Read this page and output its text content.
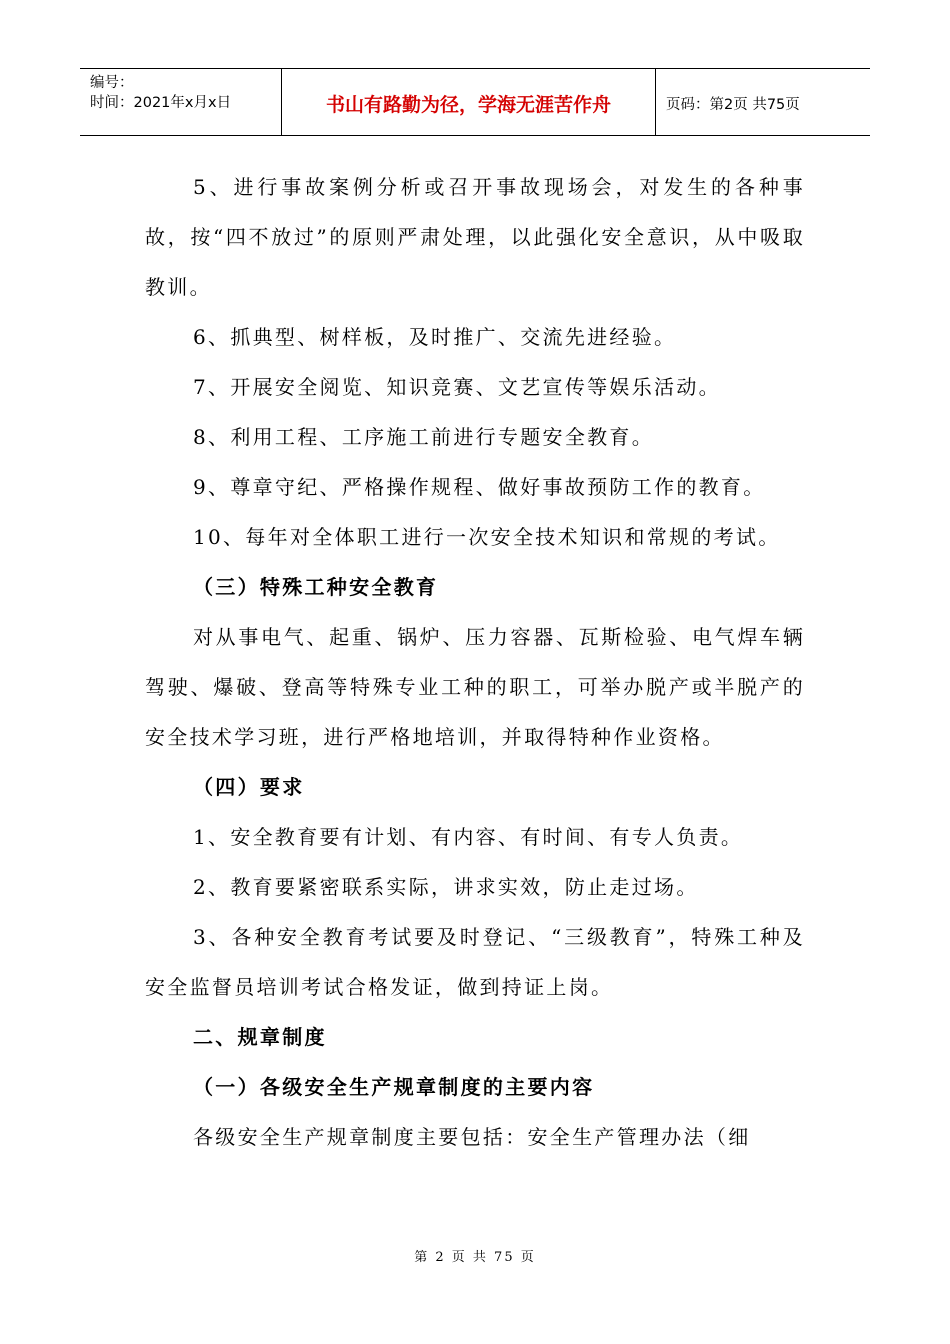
编号：
时间：2021年x月x日	书山有路勤为径，学海无涯苦作舟	页码：第2页 共75页

5、进行事故案例分析或召开事故现场会，对发生的各种事故，按“四不放过”的原则严肃处理，以此强化安全意识，从中吸取教训。

6、抓典型、树样板，及时推广、交流先进经验。

7、开展安全阅览、知识竞赛、文艺宣传等娱乐活动。

8、利用工程、工序施工前进行专题安全教育。

9、尊章守纪、严格操作规程、做好事故预防工作的教育。

10、每年对全体职工进行一次安全技术知识和常规的考试。

（三）特殊工种安全教育

对从事电气、起重、锅炉、压力容器、瓦斯检验、电气焊车辆驾驶、爆破、登高等特殊专业工种的职工，可举办脱产或半脱产的安全技术学习班，进行严格地培训，并取得特种作业资格。

（四）要求

1、安全教育要有计划、有内容、有时间、有专人负责。

2、教育要紧密联系实际，讲求实效，防止走过场。

3、各种安全教育考试要及时登记、“三级教育”，特殊工种及安全监督员培训考试合格发证，做到持证上岗。

二、规章制度

（一）各级安全生产规章制度的主要内容

各级安全生产规章制度主要包括：安全生产管理办法（细

第 2 页 共 75 页
